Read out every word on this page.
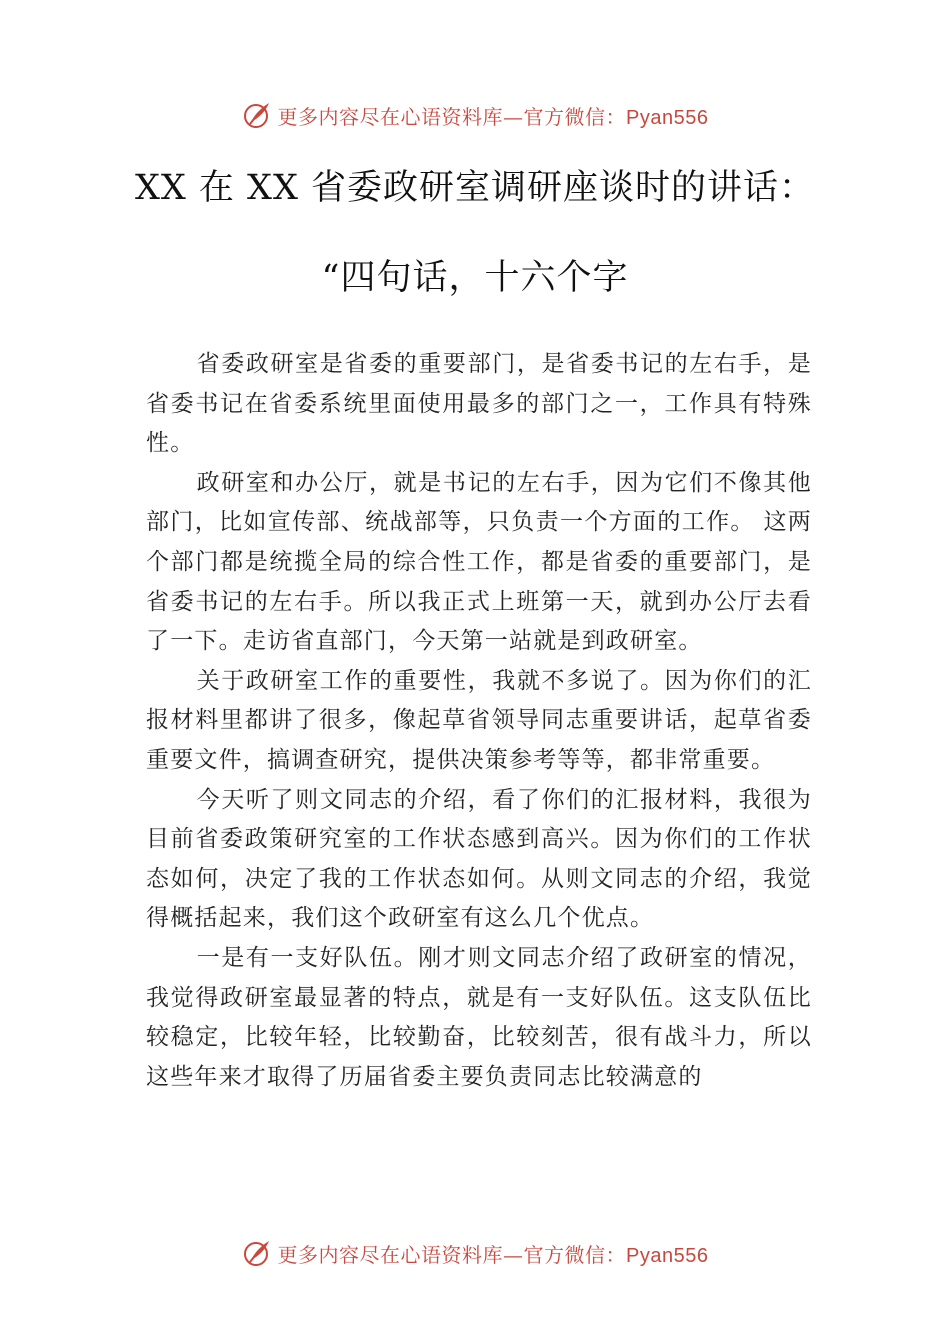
更多内容尽在心语资料库—官方微信：Pyan556
XX 在 XX 省委政研室调研座谈时的讲话：
“四句话，十六个字

省委政研室是省委的重要部门，是省委书记的左右手，是省委书记在省委系统里面使用最多的部门之一，工作具有特殊性。

政研室和办公厅，就是书记的左右手，因为它们不像其他部门，比如宣传部、统战部等，只负责一个方面的工作。 这两个部门都是统揽全局的综合性工作，都是省委的重要部门，是省委书记的左右手。所以我正式上班第一天，就到办公厅去看了一下。走访省直部门，今天第一站就是到政研室。

关于政研室工作的重要性，我就不多说了。因为你们的汇报材料里都讲了很多，像起草省领导同志重要讲话，起草省委重要文件，搞调查研究，提供决策参考等等，都非常重要。

今天听了则文同志的介绍，看了你们的汇报材料，我很为目前省委政策研究室的工作状态感到高兴。因为你们的工作状态如何，决定了我的工作状态如何。从则文同志的介绍，我觉得概括起来，我们这个政研室有这么几个优点。

一是有一支好队伍。刚才则文同志介绍了政研室的情况，我觉得政研室最显著的特点，就是有一支好队伍。这支队伍比较稳定，比较年轻，比较勤奋，比较刻苦，很有战斗力，所以这些年来才取得了历届省委主要负责同志比较满意的

更多内容尽在心语资料库—官方微信：Pyan556
